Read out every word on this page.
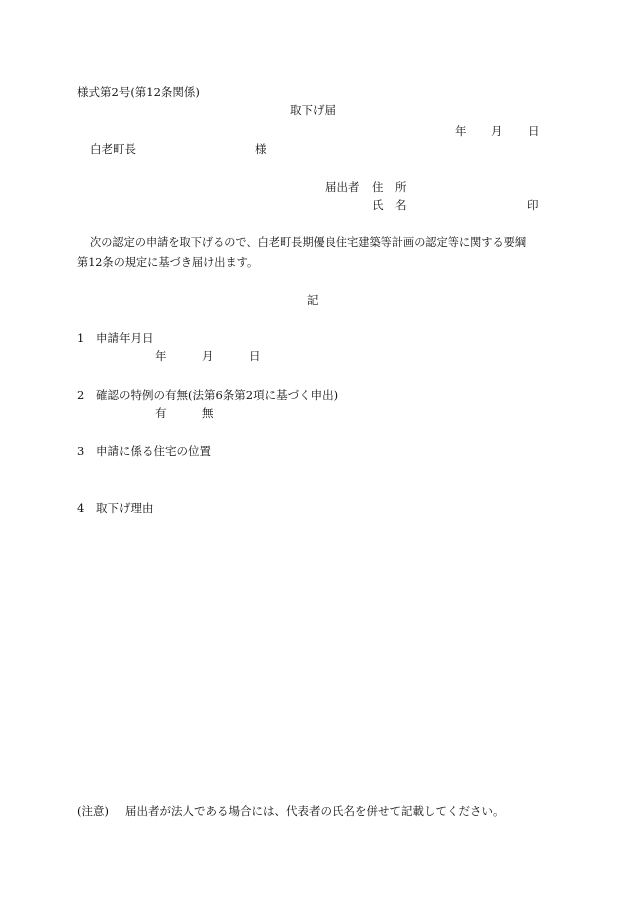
様式第2号(第12条関係)
取下げ届
年 月 日
白老町長	様
届出者 住　所
氏　名	印
次の認定の申請を取下げるので、白老町長期優良住宅建築等計画の認定等に関する要綱
第12条の規定に基づき届け出ます。
記
1 申請年月日
年	月	日
2 確認の特例の有無(法第6条第2項に基づく申出)
有	無
3 申請に係る住宅の位置
4 取下げ理由
(注意) 届出者が法人である場合には、代表者の氏名を併せて記載してください。
